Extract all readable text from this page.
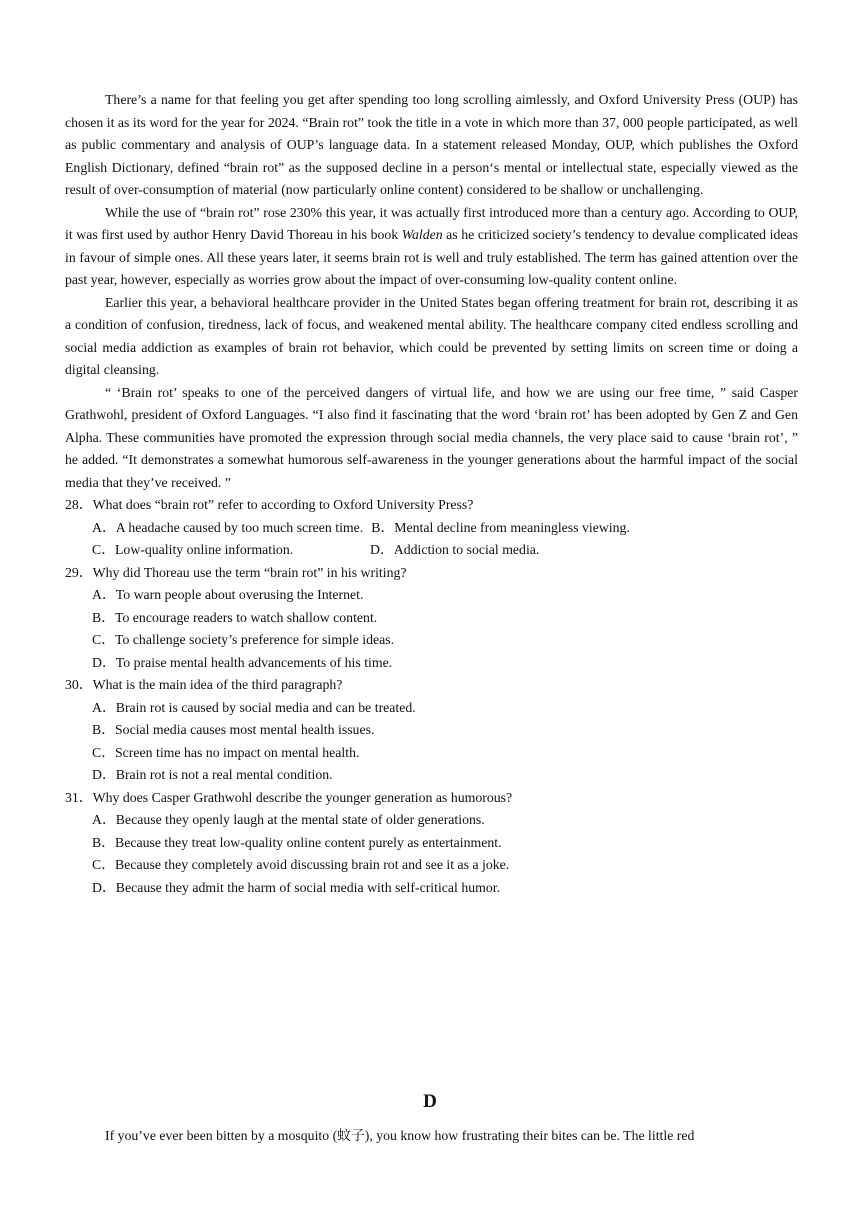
There’s a name for that feeling you get after spending too long scrolling aimlessly, and Oxford University Press (OUP) has chosen it as its word for the year for 2024. “Brain rot” took the title in a vote in which more than 37, 000 people participated, as well as public commentary and analysis of OUP’s language data. In a statement released Monday, OUP, which publishes the Oxford English Dictionary, defined “brain rot” as the supposed decline in a person‘s mental or intellectual state, especially viewed as the result of over-consumption of material (now particularly online content) considered to be shallow or unchallenging.

While the use of “brain rot” rose 230% this year, it was actually first introduced more than a century ago. According to OUP, it was first used by author Henry David Thoreau in his book Walden as he criticized society’s tendency to devalue complicated ideas in favour of simple ones. All these years later, it seems brain rot is well and truly established. The term has gained attention over the past year, however, especially as worries grow about the impact of over-consuming low-quality content online.

Earlier this year, a behavioral healthcare provider in the United States began offering treatment for brain rot, describing it as a condition of confusion, tiredness, lack of focus, and weakened mental ability. The healthcare company cited endless scrolling and social media addiction as examples of brain rot behavior, which could be prevented by setting limits on screen time or doing a digital cleansing.

“ ‘Brain rot’ speaks to one of the perceived dangers of virtual life, and how we are using our free time, ” said Casper Grathwohl, president of Oxford Languages. “I also find it fascinating that the word ‘brain rot’ has been adopted by Gen Z and Gen Alpha. These communities have promoted the expression through social media channels, the very place said to cause ‘brain rot’, ” he added. “It demonstrates a somewhat humorous self-awareness in the younger generations about the harmful impact of the social media that they’ve received. ”

28．What does “brain rot” refer to according to Oxford University Press?

A．A headache caused by too much screen time. B．Mental decline from meaningless viewing.

C．Low-quality online information.	D．Addiction to social media.

29．Why did Thoreau use the term “brain rot” in his writing?

A．To warn people about overusing the Internet.
B．To encourage readers to watch shallow content.
C．To challenge society’s preference for simple ideas.
D．To praise mental health advancements of his time.

30．What is the main idea of the third paragraph?

A．Brain rot is caused by social media and can be treated.
B．Social media causes most mental health issues.
C．Screen time has no impact on mental health.
D．Brain rot is not a real mental condition.

31．Why does Casper Grathwohl describe the younger generation as humorous?

A．Because they openly laugh at the mental state of older generations.
B．Because they treat low-quality online content purely as entertainment.
C．Because they completely avoid discussing brain rot and see it as a joke.
D．Because they admit the harm of social media with self-critical humor.
D

If you’ve ever been bitten by a mosquito (蚊子), you know how frustrating their bites can be. The little red
